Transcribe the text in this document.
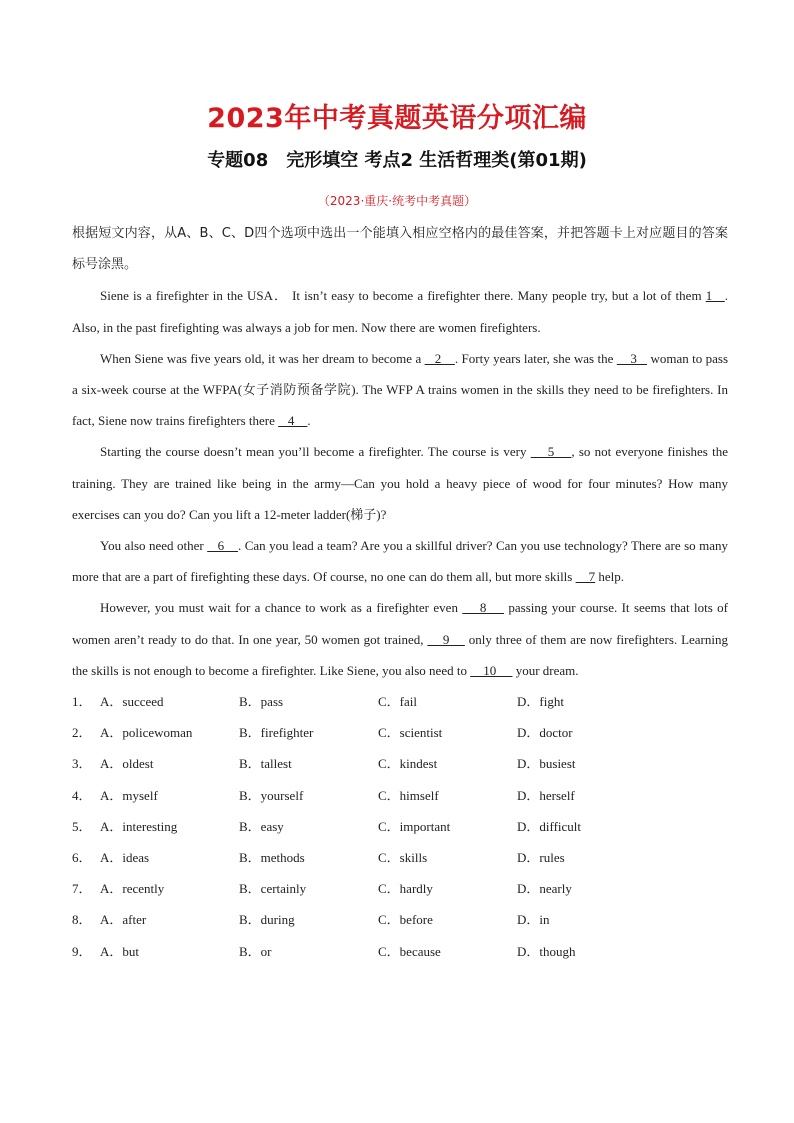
2023年中考真题英语分项汇编
专题08　完形填空 考点2 生活哲理类(第01期)
（2023·重庆·统考中考真题）

根据短文内容，从A、B、C、D四个选项中选出一个能填入相应空格内的最佳答案，并把答题卡上对应题目的答案标号涂黑。

Siene is a firefighter in the USA． It isn’t easy to become a firefighter there. Many people try, but a lot of them 1   . Also, in the past firefighting was always a job for men. Now there are women firefighters.

When Siene was five years old, it was her dream to become a    2    . Forty years later, she was the     3    woman to pass a six-week course at the WFPA(女子消防预备学院). The WFP A trains women in the skills they need to be firefighters. In fact, Siene now trains firefighters there    4    .

Starting the course doesn’t mean you’ll become a firefighter. The course is very     5    , so not everyone finishes the training. They are trained like being in the army—Can you hold a heavy piece of wood for four minutes? How many exercises can you do? Can you lift a 12-meter ladder(梯子)?

You also need other    6    . Can you lead a team? Are you a skillful driver? Can you use technology? There are so many more that are a part of firefighting these days. Of course, no one can do them all, but more skills     7 help.

However, you must wait for a chance to work as a firefighter even     8     passing your course. It seems that lots of women aren’t ready to do that. In one year, 50 women got trained,     9     only three of them are now firefighters. Learning the skills is not enough to become a firefighter. Like Siene, you also need to     10      your dream.

1． A．succeed	B．pass	C．fail	D．fight
2． A．policewoman	B．firefighter	C．scientist	D．doctor
3． A．oldest	B．tallest	C．kindest	D．busiest
4． A．myself	B．yourself	C．himself	D．herself
5． A．interesting	B．easy	C．important	D．difficult
6． A．ideas	B．methods	C．skills	D．rules
7． A．recently	B．certainly	C．hardly	D．nearly
8． A．after	B．during	C．before	D．in
9． A．but	B．or	C．because	D．though
